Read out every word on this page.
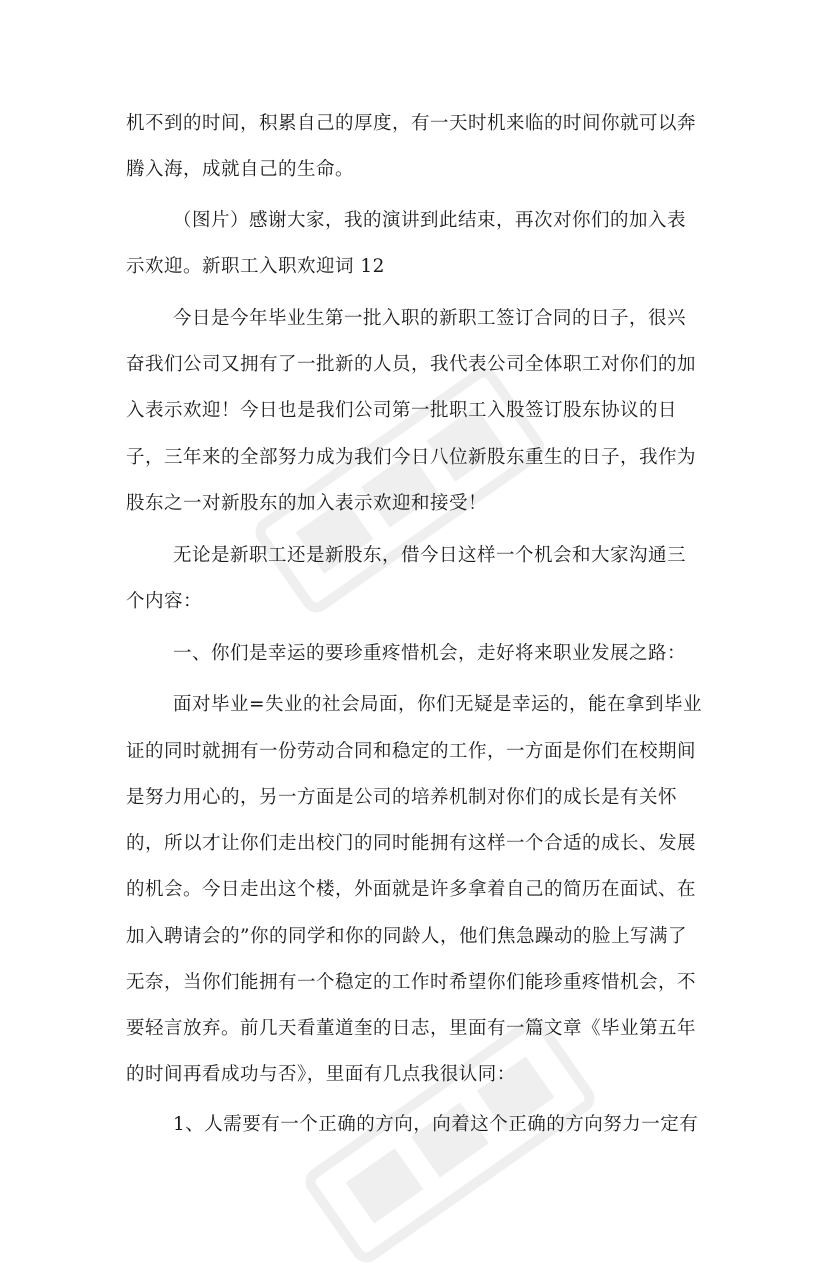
机不到的时间，积累自己的厚度，有一天时机来临的时间你就可以奔

腾入海，成就自己的生命。

（图片）感谢大家，我的演讲到此结束，再次对你们的加入表

示欢迎。新职工入职欢迎词 12

今日是今年毕业生第一批入职的新职工签订合同的日子，很兴

奋我们公司又拥有了一批新的人员，我代表公司全体职工对你们的加

入表示欢迎！今日也是我们公司第一批职工入股签订股东协议的日

子，三年来的全部努力成为我们今日八位新股东重生的日子，我作为

股东之一对新股东的加入表示欢迎和接受！

无论是新职工还是新股东，借今日这样一个机会和大家沟通三

个内容：

一、你们是幸运的要珍重疼惜机会，走好将来职业发展之路：

面对毕业=失业的社会局面，你们无疑是幸运的，能在拿到毕业

证的同时就拥有一份劳动合同和稳定的工作，一方面是你们在校期间

是努力用心的，另一方面是公司的培养机制对你们的成长是有关怀

的，所以才让你们走出校门的同时能拥有这样一个合适的成长、发展

的机会。今日走出这个楼，外面就是许多拿着自己的简历在面试、在

加入聘请会的”你的同学和你的同龄人，他们焦急躁动的脸上写满了

无奈，当你们能拥有一个稳定的工作时希望你们能珍重疼惜机会，不

要轻言放弃。前几天看董道奎的日志，里面有一篇文章《毕业第五年

的时间再看成功与否》，里面有几点我很认同：

1、人需要有一个正确的方向，向着这个正确的方向努力一定有
